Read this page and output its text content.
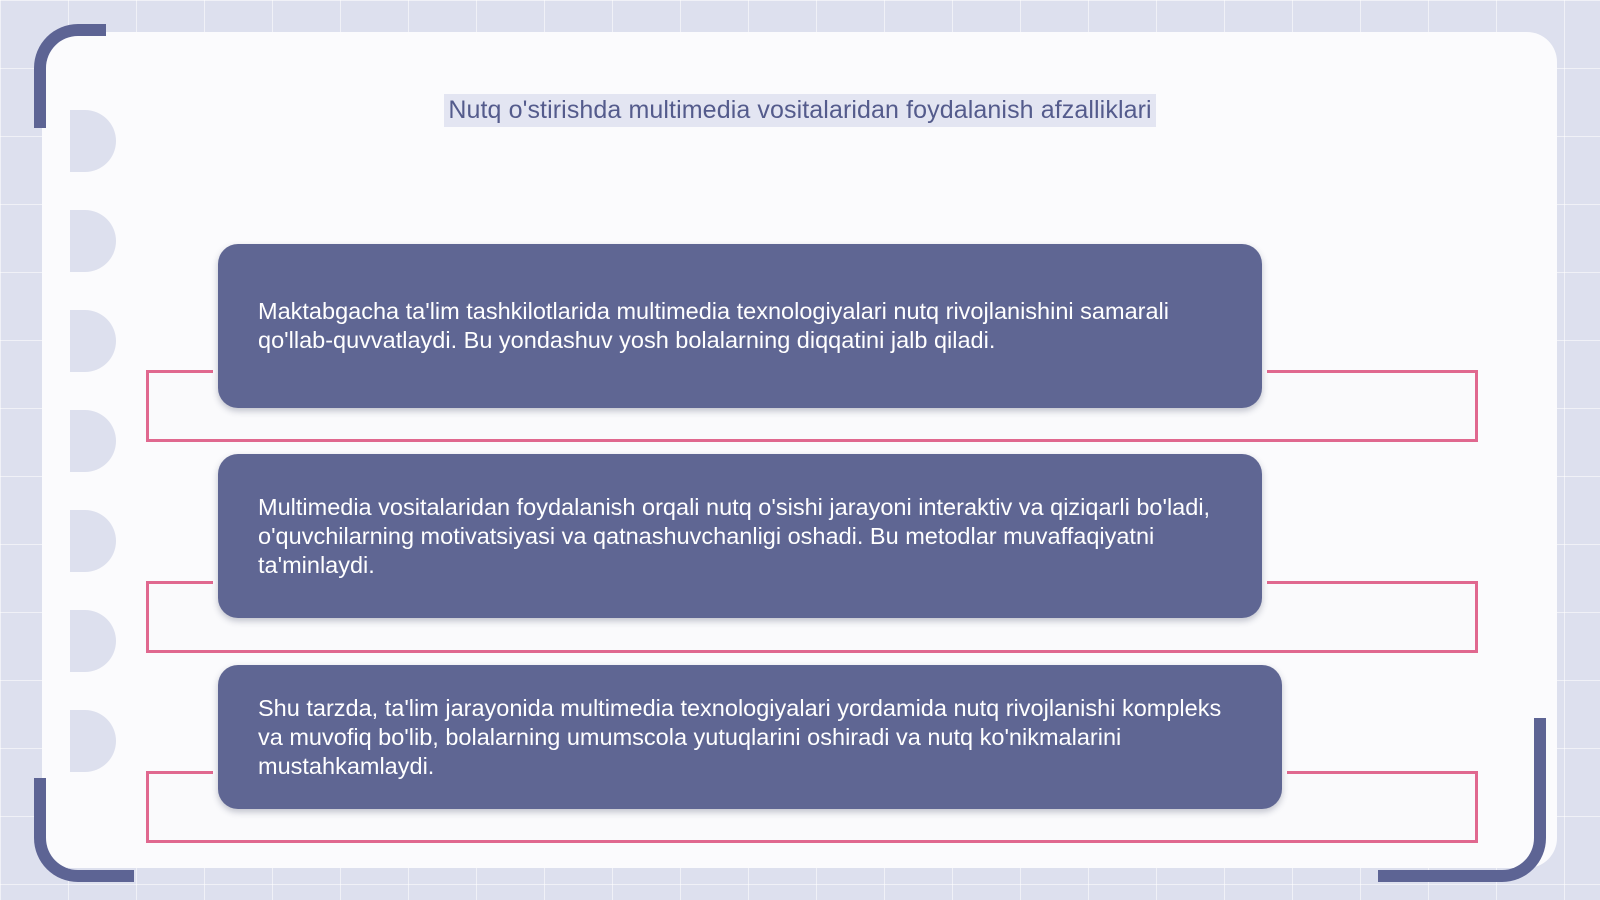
Nutq o'stirishda multimedia vositalaridan foydalanish afzalliklari
Maktabgacha ta'lim tashkilotlarida multimedia texnologiyalari nutq rivojlanishini samarali qo'llab-quvvatlaydi. Bu yondashuv yosh bolalarning diqqatini jalb qiladi.
Multimedia vositalaridan foydalanish orqali nutq o'sishi jarayoni interaktiv va qiziqarli bo'ladi, o'quvchilarning motivatsiyasi va qatnashuvchanligi oshadi. Bu metodlar muvaffaqiyatni ta'minlaydi.
Shu tarzda, ta'lim jarayonida multimedia texnologiyalari yordamida nutq rivojlanishi kompleks va muvofiq bo'lib, bolalarning umumscola yutuqlarini oshiradi va nutq ko'nikmalarini mustahkamlaydi.
